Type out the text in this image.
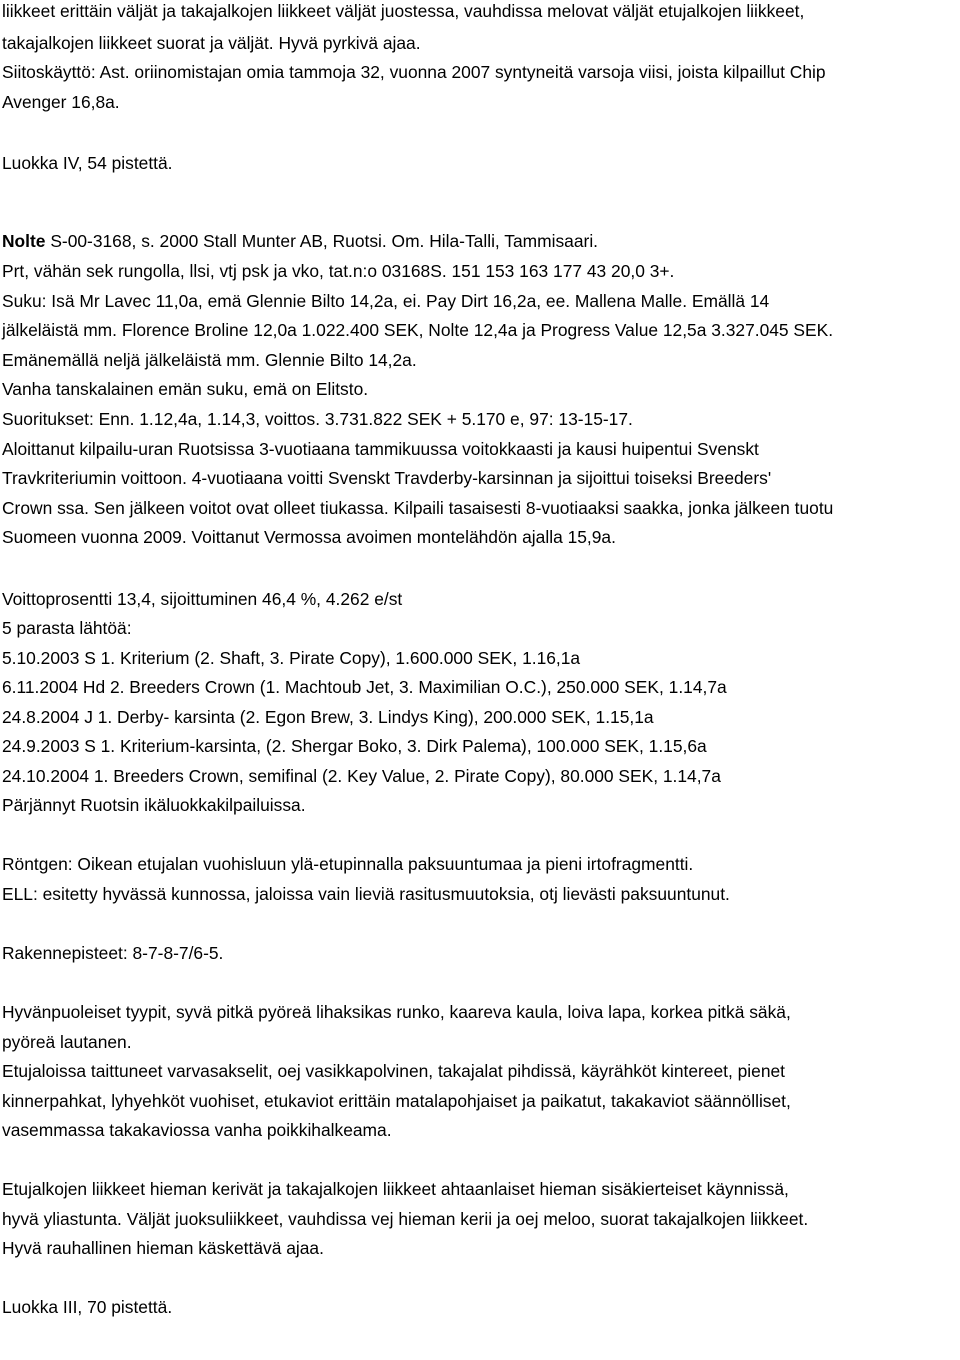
liikkeet erittäin väljät ja takajalkojen liikkeet väljät juostessa, vauhdissa melovat väljät etujalkojen liikkeet,
takajalkojen liikkeet suorat ja väljät. Hyvä pyrkivä ajaa.
Siitoskäyttö: Ast. oriinomistajan omia tammoja 32, vuonna 2007 syntyneitä varsoja viisi, joista kilpaillut Chip
Avenger 16,8a.
Luokka IV, 54 pistettä.
Nolte S-00-3168, s. 2000 Stall Munter AB, Ruotsi. Om. Hila-Talli, Tammisaari.
Prt, vähän sek rungolla, llsi, vtj psk ja vko, tat.n:o 03168S. 151 153 163 177 43 20,0 3+.
Suku: Isä Mr Lavec 11,0a, emä Glennie Bilto 14,2a, ei. Pay Dirt 16,2a, ee. Mallena Malle. Emällä 14
jälkeläistä mm. Florence Broline 12,0a 1.022.400 SEK, Nolte 12,4a ja Progress Value 12,5a 3.327.045 SEK.
Emänemällä neljä jälkeläistä mm. Glennie Bilto 14,2a.
Vanha tanskalainen emän suku, emä on Elitsto.
Suoritukset: Enn. 1.12,4a, 1.14,3, voittos. 3.731.822 SEK + 5.170 e, 97: 13-15-17.
Aloittanut kilpailu-uran Ruotsissa 3-vuotiaana tammikuussa voitokkaasti ja kausi huipentui Svenskt
Travkriteriumin voittoon. 4-vuotiaana voitti Svenskt Travderby-karsinnan ja sijoittui toiseksi Breeders'
Crown ssa. Sen jälkeen voitot ovat olleet tiukassa. Kilpaili tasaisesti 8-vuotiaaksi saakka, jonka jälkeen tuotu
Suomeen vuonna 2009. Voittanut Vermossa avoimen montelähdön ajalla 15,9a.
Voittoprosentti 13,4, sijoittuminen 46,4 %, 4.262 e/st
5 parasta lähtöä:
5.10.2003 S 1. Kriterium (2. Shaft, 3. Pirate Copy), 1.600.000 SEK, 1.16,1a
6.11.2004 Hd 2. Breeders Crown (1. Machtoub Jet, 3. Maximilian O.C.), 250.000 SEK, 1.14,7a
24.8.2004 J 1. Derby- karsinta (2. Egon Brew, 3. Lindys King), 200.000 SEK, 1.15,1a
24.9.2003 S 1. Kriterium-karsinta, (2. Shergar Boko, 3. Dirk Palema), 100.000 SEK, 1.15,6a
24.10.2004 1. Breeders Crown, semifinal (2. Key Value, 2. Pirate Copy), 80.000 SEK, 1.14,7a
Pärjännyt Ruotsin ikäluokkakilpailuissa.
Röntgen: Oikean etujalan vuohisluun ylä-etupinnalla paksuuntumaa ja pieni irtofragmentti.
ELL: esitetty hyvässä kunnossa, jaloissa vain lieviä rasitusmuutoksia, otj lievästi paksuuntunut.
Rakennepisteet: 8-7-8-7/6-5.
Hyvänpuoleiset tyypit, syvä pitkä pyöreä lihaksikas runko, kaareva kaula, loiva lapa, korkea pitkä säkä,
pyöreä lautanen.
Etujaloissa taittuneet varvasakselit, oej vasikkapolvinen, takajalat pihdissä, käyrähköt kintereet, pienet
kinnerpahkat, lyhyehköt vuohiset, etukaviot erittäin matalapohjaiset ja paikatut, takakaviot säännölliset,
vasemmassa takakaviossa vanha poikkihalkeama.
Etujalkojen liikkeet hieman kerivät ja takajalkojen liikkeet ahtaanlaiset hieman sisäkierteiset käynnissä,
hyvä yliastunta. Väljät juoksuliikkeet, vauhdissa vej hieman kerii ja oej meloo, suorat takajalkojen liikkeet.
Hyvä rauhallinen hieman käskettävä ajaa.
Luokka III, 70 pistettä.
